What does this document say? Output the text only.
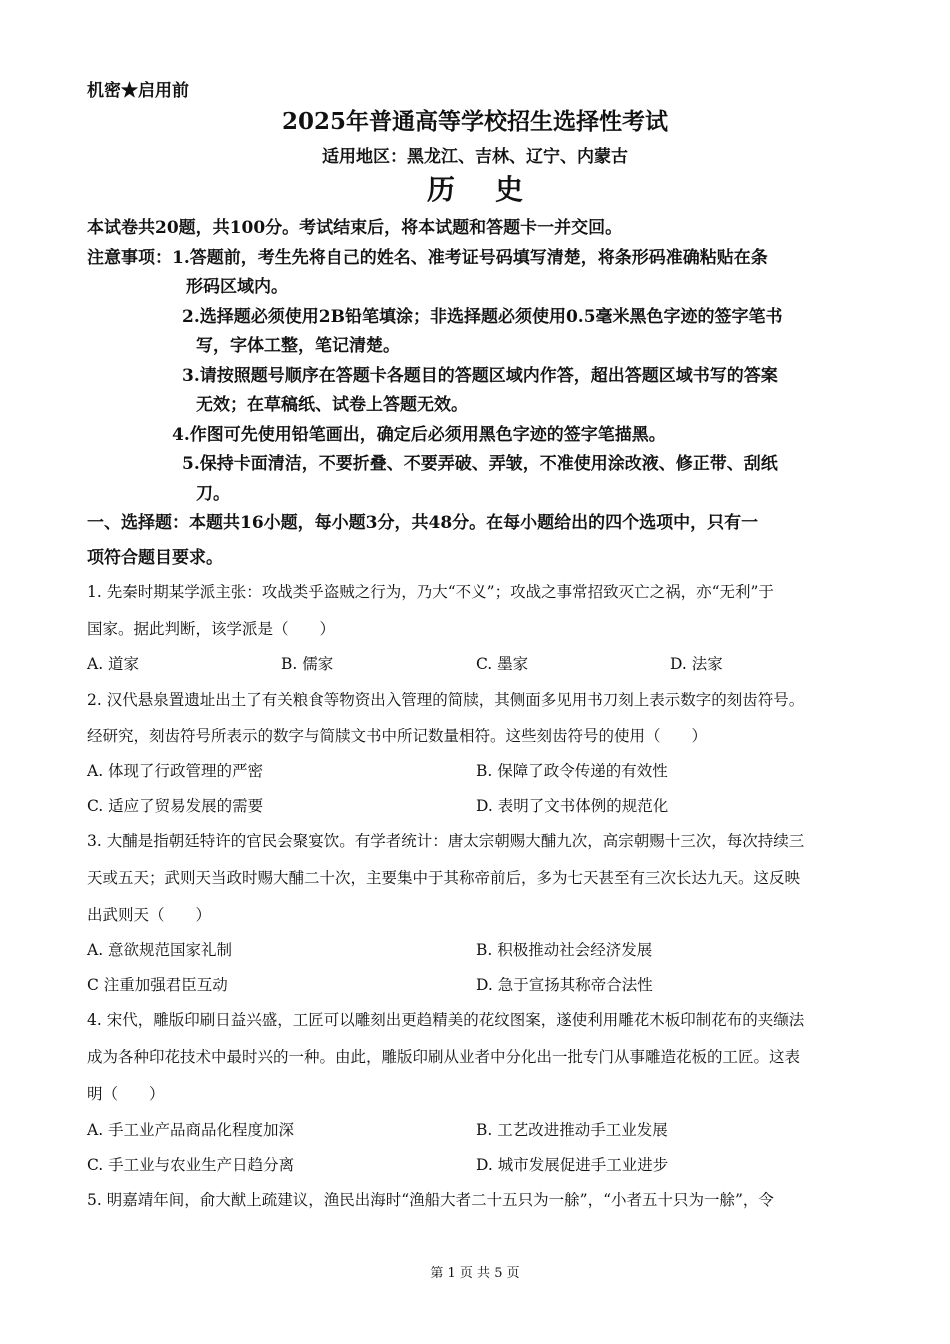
机密★启用前
2025年普通高等学校招生选择性考试
适用地区：黑龙江、吉林、辽宁、内蒙古
历史
本试卷共20题，共100分。考试结束后，将本试题和答题卡一并交回。
注意事项： 1.答题前，考生先将自己的姓名、准考证号码填写清楚，将条形码准确粘贴在条
形码区域内。
2.选择题必须使用2B铅笔填涂；非选择题必须使用0.5毫米黑色字迹的签字笔书
写，字体工整，笔记清楚。
3.请按照题号顺序在答题卡各题目的答题区域内作答，超出答题区域书写的答案
无效；在草稿纸、试卷上答题无效。
4.作图可先使用铅笔画出，确定后必须用黑色字迹的签字笔描黑。
5.保持卡面清洁，不要折叠、不要弄破、弄皱，不准使用涂改液、修正带、刮纸
刀。
一、选择题：本题共16小题，每小题3分，共48分。在每小题给出的四个选项中，只有一
项符合题目要求。
1. 先秦时期某学派主张：攻战类乎盗贼之行为，乃大“不义”；攻战之事常招致灭亡之祸，亦“无利”于
国家。据此判断，该学派是（　　）
A. 道家	B. 儒家	C. 墨家	D. 法家
2. 汉代悬泉置遗址出土了有关粮食等物资出入管理的简牍，其侧面多见用书刀刻上表示数字的刻齿符号。
经研究，刻齿符号所表示的数字与简牍文书中所记数量相符。这些刻齿符号的使用（　　）
A. 体现了行政管理的严密	B. 保障了政令传递的有效性
C. 适应了贸易发展的需要	D. 表明了文书体例的规范化
3. 大酺是指朝廷特许的官民会聚宴饮。有学者统计：唐太宗朝赐大酺九次，高宗朝赐十三次，每次持续三
天或五天；武则天当政时赐大酺二十次，主要集中于其称帝前后，多为七天甚至有三次长达九天。这反映
出武则天（　　）
A. 意欲规范国家礼制	B. 积极推动社会经济发展
C 注重加强君臣互动	D. 急于宣扬其称帝合法性
4. 宋代，雕版印刷日益兴盛，工匠可以雕刻出更趋精美的花纹图案，遂使利用雕花木板印制花布的夹缬法
成为各种印花技术中最时兴的一种。由此，雕版印刷从业者中分化出一批专门从事雕造花板的工匠。这表
明（　　）
A. 手工业产品商品化程度加深	B. 工艺改进推动手工业发展
C. 手工业与农业生产日趋分离	D. 城市发展促进手工业进步
5. 明嘉靖年间，俞大猷上疏建议，渔民出海时“渔船大者二十五只为一艅”，“小者五十只为一艅”，令
第 1 页 共 5 页
